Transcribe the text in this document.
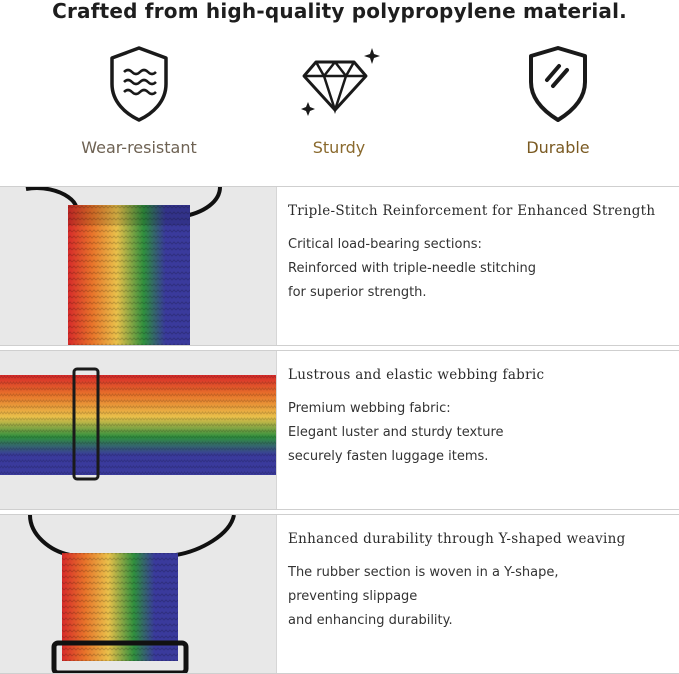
Crafted from high-quality polypropylene material.
Wear-resistant	Sturdy	Durable
Triple-Stitch Reinforcement for Enhanced Strength
Critical load-bearing sections:
Reinforced with triple-needle stitching
for superior strength.
Lustrous and elastic webbing fabric
Premium webbing fabric:
Elegant luster and sturdy texture
securely fasten luggage items.
Enhanced durability through Y-shaped weaving
The rubber section is woven in a Y-shape,
preventing slippage
and enhancing durability.
